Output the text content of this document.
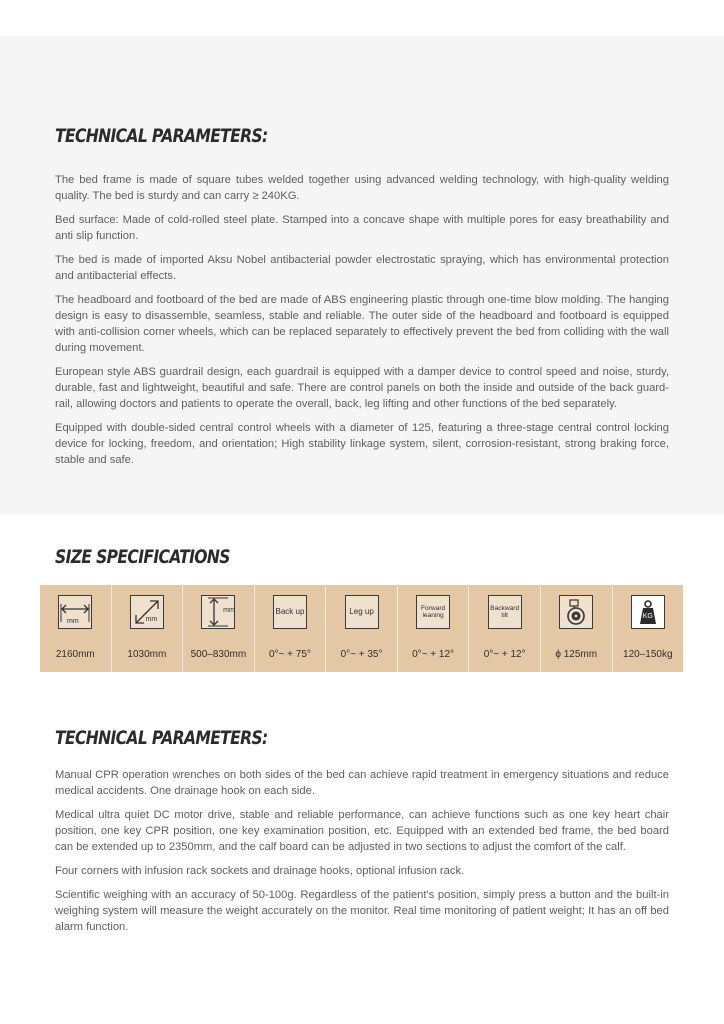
TECHNICAL PARAMETERS:

The bed frame is made of square tubes welded together using advanced welding technology, with high-quality welding quality. The bed is sturdy and can carry ≥ 240KG.

Bed surface: Made of cold-rolled steel plate. Stamped into a concave shape with multiple pores for easy breathability and anti slip function.

The bed is made of imported Aksu Nobel antibacterial powder electrostatic spraying, which has environmental protection and antibacterial effects.

The headboard and footboard of the bed are made of ABS engineering plastic through one-time blow molding. The hanging design is easy to disassemble, seamless, stable and reliable. The outer side of the headboard and footboard is equipped with anti-collision corner wheels, which can be replaced separately to effectively prevent the bed from colliding with the wall during movement.

European style ABS guardrail design, each guardrail is equipped with a damper device to control speed and noise, sturdy, durable, fast and lightweight, beautiful and safe. There are control panels on both the inside and outside of the back guard-rail, allowing doctors and patients to operate the overall, back, leg lifting and other functions of the bed separately.

Equipped with double-sided central control wheels with a diameter of 125, featuring a three-stage central control locking device for locking, freedom, and orientation; High stability linkage system, silent, corrosion-resistant, strong braking force, stable and safe.

SIZE SPECIFICATIONS
mm
2160mm
mm
1030mm
mm
500–830mm
Back up
0°~ + 75°
Leg up
0°~ + 35°
Forward leaning
0°~ + 12°
Backward tilt
0°~ + 12°	ϕ 125mm
KG
120–150kg
TECHNICAL PARAMETERS:

Manual CPR operation wrenches on both sides of the bed can achieve rapid treatment in emergency situations and reduce medical accidents. One drainage hook on each side.

Medical ultra quiet DC motor drive, stable and reliable performance, can achieve functions such as one key heart chair position, one key CPR position, one key examination position, etc. Equipped with an extended bed frame, the bed board can be extended up to 2350mm, and the calf board can be adjusted in two sections to adjust the comfort of the calf.

Four corners with infusion rack sockets and drainage hooks, optional infusion rack.

Scientific weighing with an accuracy of 50-100g. Regardless of the patient's position, simply press a button and the built-in weighing system will measure the weight accurately on the monitor. Real time monitoring of patient weight; It has an off bed alarm function.
